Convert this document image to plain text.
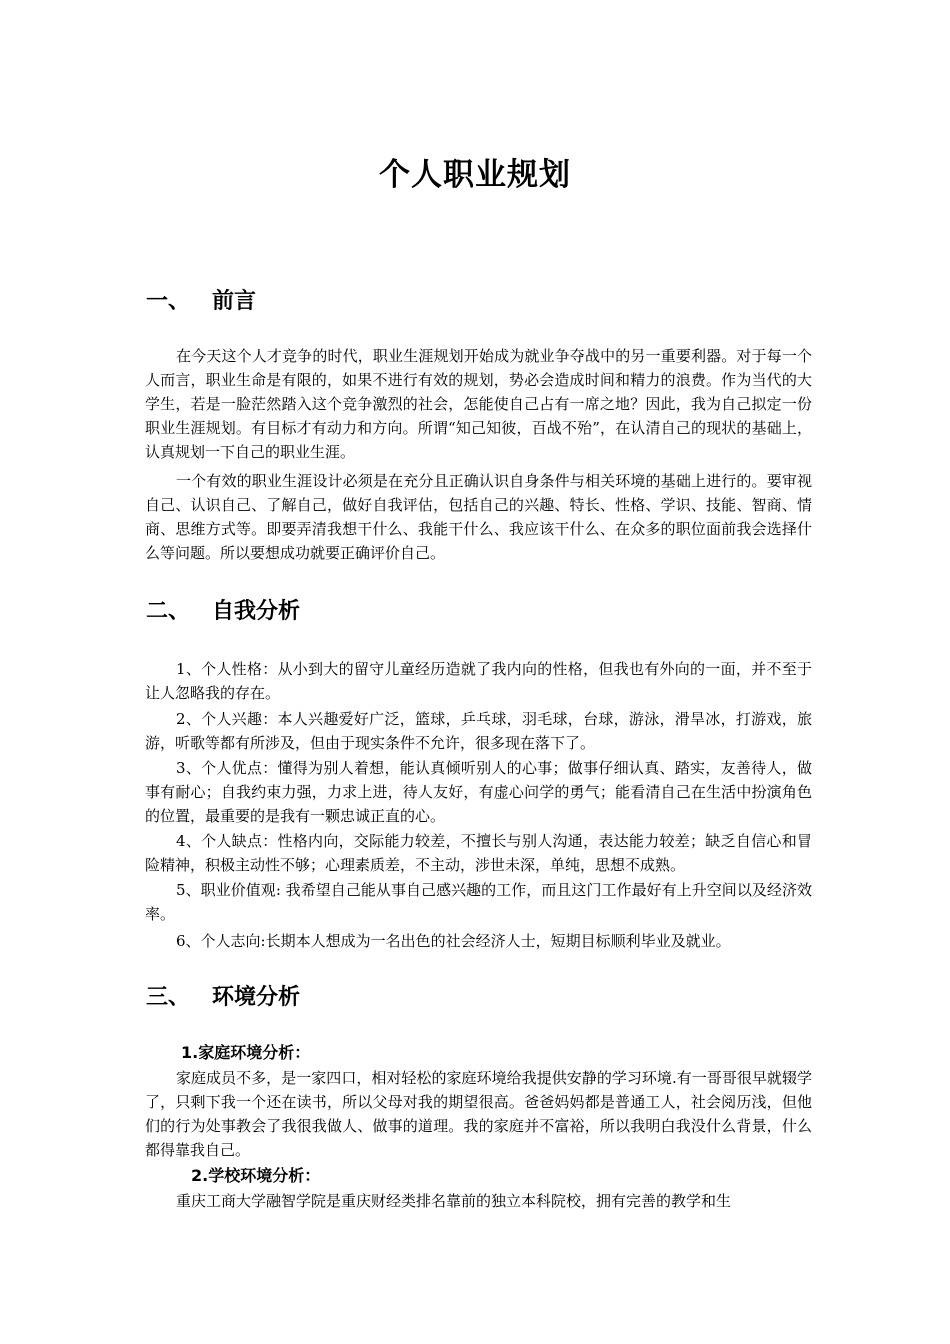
个人职业规划
一、 前言
在今天这个人才竞争的时代，职业生涯规划开始成为就业争夺战中的另一重要利器。对于每一个人而言，职业生命是有限的，如果不进行有效的规划，势必会造成时间和精力的浪费。作为当代的大学生，若是一脸茫然踏入这个竞争激烈的社会，怎能使自己占有一席之地？因此，我为自己拟定一份职业生涯规划。有目标才有动力和方向。所谓“知己知彼，百战不殆”，在认清自己的现状的基础上，认真规划一下自己的职业生涯。
一个有效的职业生涯设计必须是在充分且正确认识自身条件与相关环境的基础上进行的。要审视自己、认识自己、了解自己，做好自我评估，包括自己的兴趣、特长、性格、学识、技能、智商、情商、思维方式等。即要弄清我想干什么、我能干什么、我应该干什么、在众多的职位面前我会选择什么等问题。所以要想成功就要正确评价自己。
二、 自我分析
1、个人性格：从小到大的留守儿童经历造就了我内向的性格，但我也有外向的一面，并不至于让人忽略我的存在。
2、个人兴趣：本人兴趣爱好广泛，篮球，乒乓球，羽毛球，台球，游泳，滑旱冰，打游戏，旅游，听歌等都有所涉及，但由于现实条件不允许，很多现在落下了。
3、个人优点：懂得为别人着想，能认真倾听别人的心事；做事仔细认真、踏实，友善待人，做事有耐心；自我约束力强，力求上进，待人友好，有虚心问学的勇气；能看清自己在生活中扮演角色的位置，最重要的是我有一颗忠诚正直的心。
4、个人缺点：性格内向，交际能力较差，不擅长与别人沟通，表达能力较差；缺乏自信心和冒险精神，积极主动性不够；心理素质差，不主动，涉世未深，单纯，思想不成熟。
5、职业价值观: 我希望自己能从事自己感兴趣的工作，而且这门工作最好有上升空间以及经济效率。
6、个人志向:长期本人想成为一名出色的社会经济人士，短期目标顺利毕业及就业。
三、 环境分析
1.家庭环境分析：
家庭成员不多，是一家四口，相对轻松的家庭环境给我提供安静的学习环境.有一哥哥很早就辍学了，只剩下我一个还在读书，所以父母对我的期望很高。爸爸妈妈都是普通工人，社会阅历浅，但他们的行为处事教会了我很我做人、做事的道理。我的家庭并不富裕，所以我明白我没什么背景，什么都得靠我自己。
2.学校环境分析：
重庆工商大学融智学院是重庆财经类排名靠前的独立本科院校，拥有完善的教学和生
